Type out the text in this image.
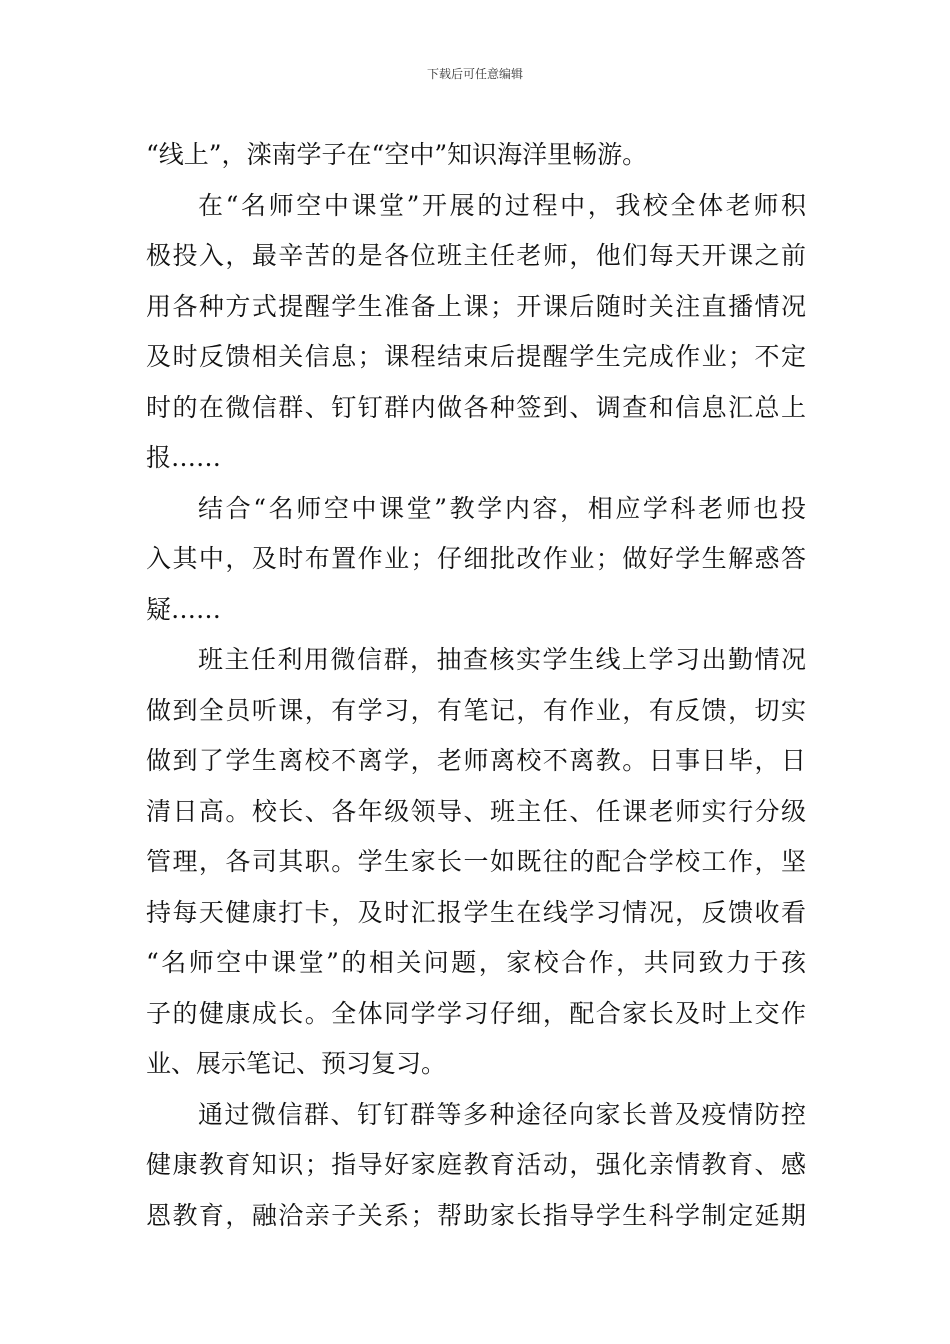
下载后可任意编辑
“线上”，滦南学子在“空中”知识海洋里畅游。
在“名师空中课堂”开展的过程中，我校全体老师积
极投入，最辛苦的是各位班主任老师，他们每天开课之前
用各种方式提醒学生准备上课；开课后随时关注直播情况
及时反馈相关信息；课程结束后提醒学生完成作业；不定
时的在微信群、钉钉群内做各种签到、调查和信息汇总上
报……
结合“名师空中课堂”教学内容，相应学科老师也投
入其中，及时布置作业；仔细批改作业；做好学生解惑答
疑……
班主任利用微信群，抽查核实学生线上学习出勤情况
做到全员听课，有学习，有笔记，有作业，有反馈，切实
做到了学生离校不离学，老师离校不离教。日事日毕，日
清日高。校长、各年级领导、班主任、任课老师实行分级
管理，各司其职。学生家长一如既往的配合学校工作，坚
持每天健康打卡，及时汇报学生在线学习情况，反馈收看
“名师空中课堂”的相关问题，家校合作，共同致力于孩
子的健康成长。全体同学学习仔细，配合家长及时上交作
业、展示笔记、预习复习。
通过微信群、钉钉群等多种途径向家长普及疫情防控
健康教育知识；指导好家庭教育活动，强化亲情教育、感
恩教育，融洽亲子关系；帮助家长指导学生科学制定延期
